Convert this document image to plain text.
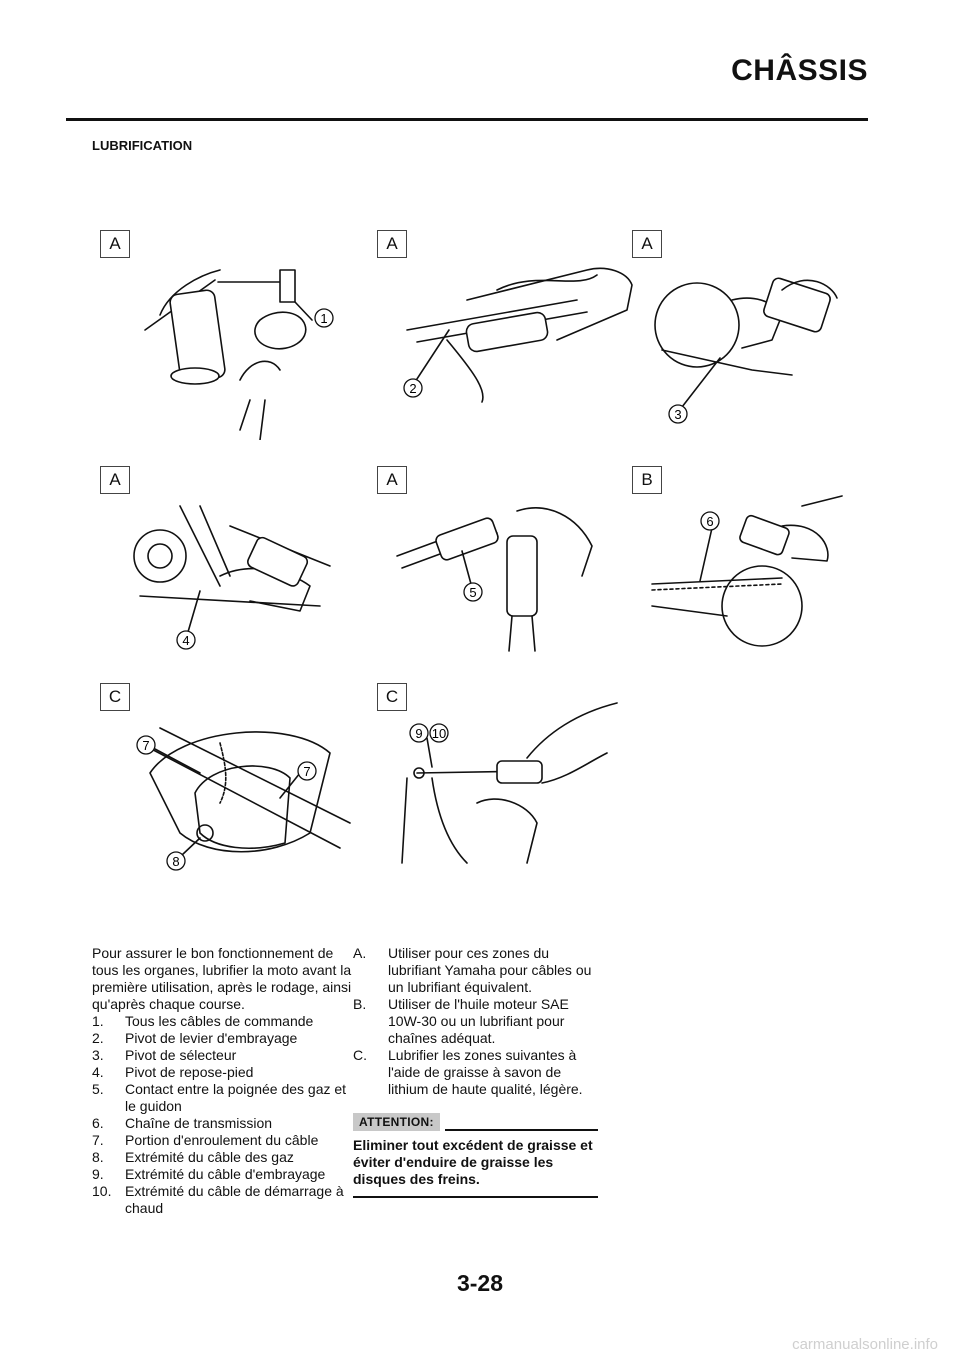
CHÂSSIS
LUBRIFICATION
1
A
2
A
3
A
4
A
5
A
6
B
7
7
8
C
9 10
C
Pour assurer le bon fonctionnement de tous les organes, lubrifier la moto avant la première utilisation, après le rodage, ainsi qu'après chaque course.
1. Tous les câbles de commande
2. Pivot de levier d'embrayage
3. Pivot de sélecteur
4. Pivot de repose-pied
5. Contact entre la poignée des gaz et le guidon
6. Chaîne de transmission
7. Portion d'enroulement du câble
8. Extrémité du câble des gaz
9. Extrémité du câble d'embrayage
10. Extrémité du câble de démarrage à chaud
A. Utiliser pour ces zones du lubrifiant Yamaha pour câbles ou un lubrifiant équivalent.
B. Utiliser de l'huile moteur SAE 10W-30 ou un lubrifiant pour chaînes adéquat.
C. Lubrifier les zones suivantes à l'aide de graisse à savon de lithium de haute qualité, légère.
ATTENTION:
Eliminer tout excédent de graisse et éviter d'enduire de graisse les disques des freins.
3-28
carmanualsonline.info
